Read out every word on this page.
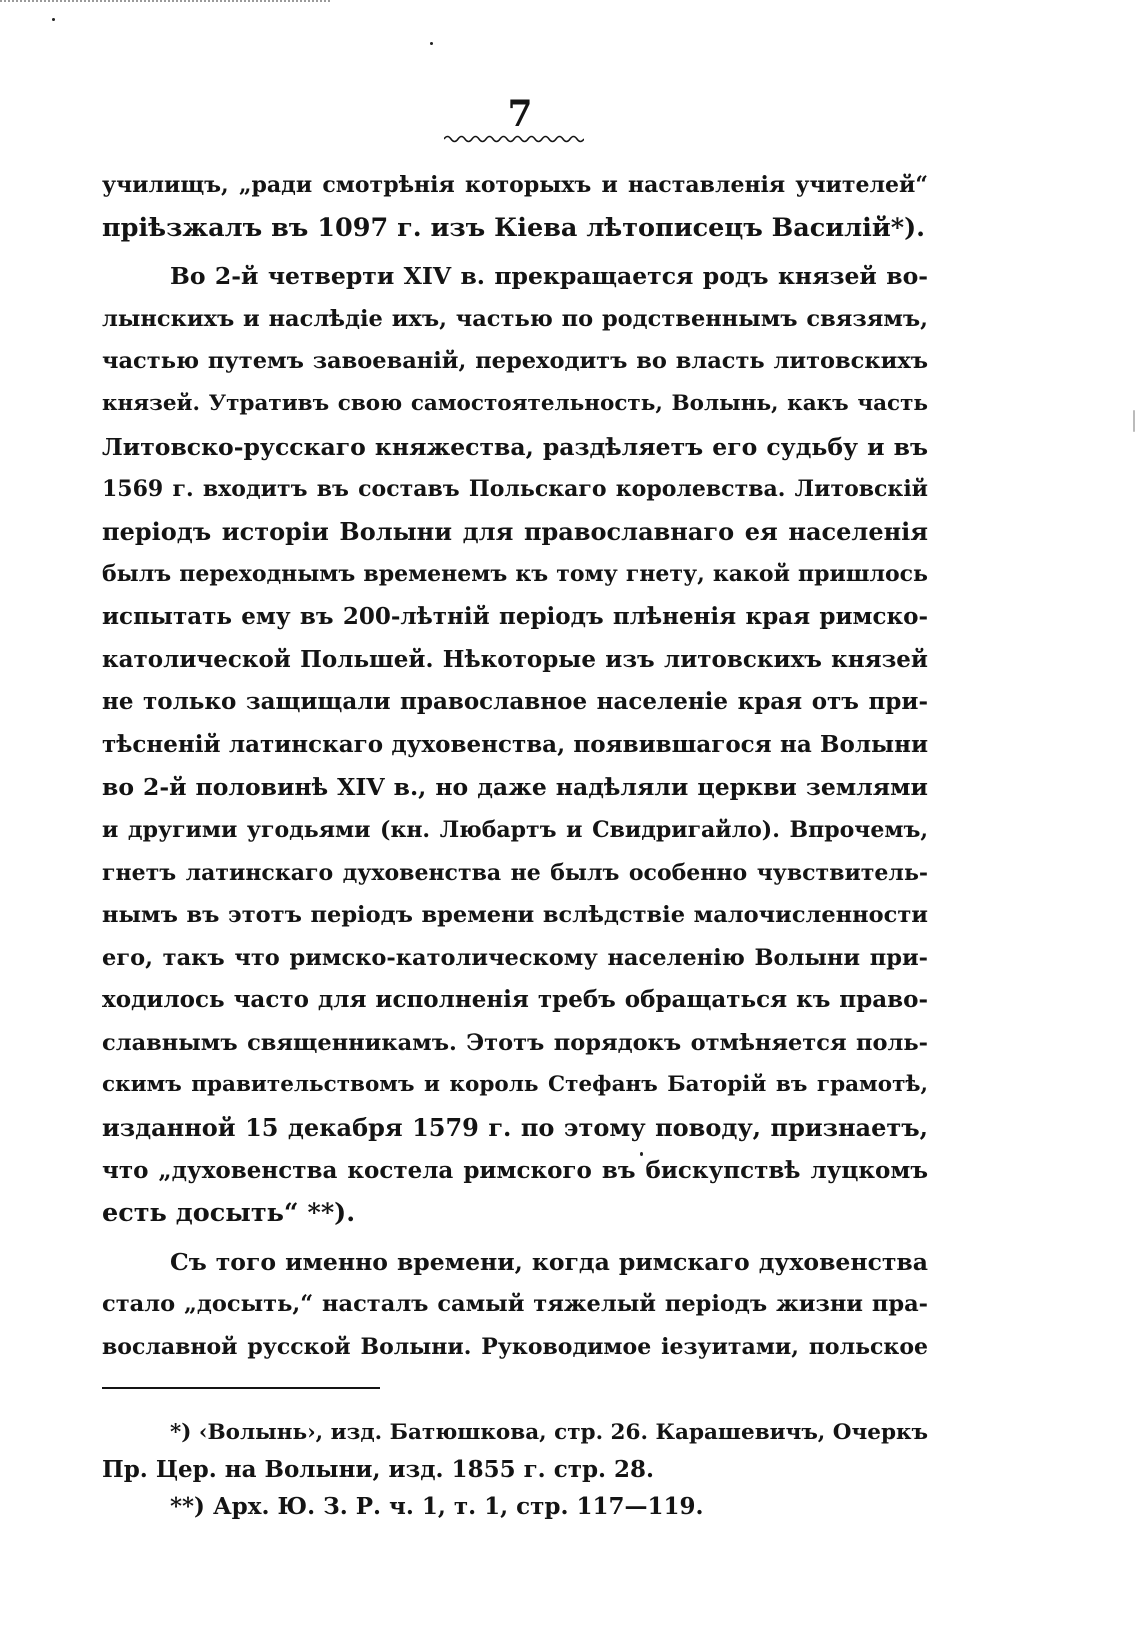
7
училищъ, „ради смотрѣнія которыхъ и наставленія учителей“
пріѣзжалъ въ 1097 г. изъ Кіева лѣтописецъ Василій*).
Во 2-й четверти XIV в. прекращается родъ князей во-
лынскихъ и наслѣдіе ихъ, частью по родственнымъ связямъ,
частью путемъ завоеваній, переходитъ во власть литовскихъ
князей. Утративъ свою самостоятельность, Волынь, какъ часть
Литовско-русскаго княжества, раздѣляетъ его судьбу и въ
1569 г. входитъ въ составъ Польскаго королевства. Литовскій
періодъ исторіи Волыни для православнаго ея населенія
былъ переходнымъ временемъ къ тому гнету, какой пришлось
испытать ему въ 200-лѣтній періодъ плѣненія края римско-
католической Польшей. Нѣкоторые изъ литовскихъ князей
не только защищали православное населеніе края отъ при-
тѣсненій латинскаго духовенства, появившагося на Волыни
во 2-й половинѣ XIV в., но даже надѣляли церкви землями
и другими угодьями (кн. Любартъ и Свидригайло). Впрочемъ,
гнетъ латинскаго духовенства не былъ особенно чувствитель-
нымъ въ этотъ періодъ времени вслѣдствіе малочисленности
его, такъ что римско-католическому населенію Волыни при-
ходилось часто для исполненія требъ обращаться къ право-
славнымъ священникамъ. Этотъ порядокъ отмѣняется поль-
скимъ правительствомъ и король Стефанъ Баторій въ грамотѣ,
изданной 15 декабря 1579 г. по этому поводу, признаетъ,
что „духовенства костела римского въ бискупствѣ луцкомъ
есть досыть“ **).
Съ того именно времени, когда римскаго духовенства
стало „досыть,“ насталъ самый тяжелый періодъ жизни пра-
вославной русской Волыни. Руководимое іезуитами, польское
*) ‹Волынь›, изд. Батюшкова, стр. 26. Карашевичъ, Очеркъ
Пр. Цер. на Волыни, изд. 1855 г. стр. 28.
**) Арх. Ю. З. Р. ч. 1, т. 1, стр. 117—119.
